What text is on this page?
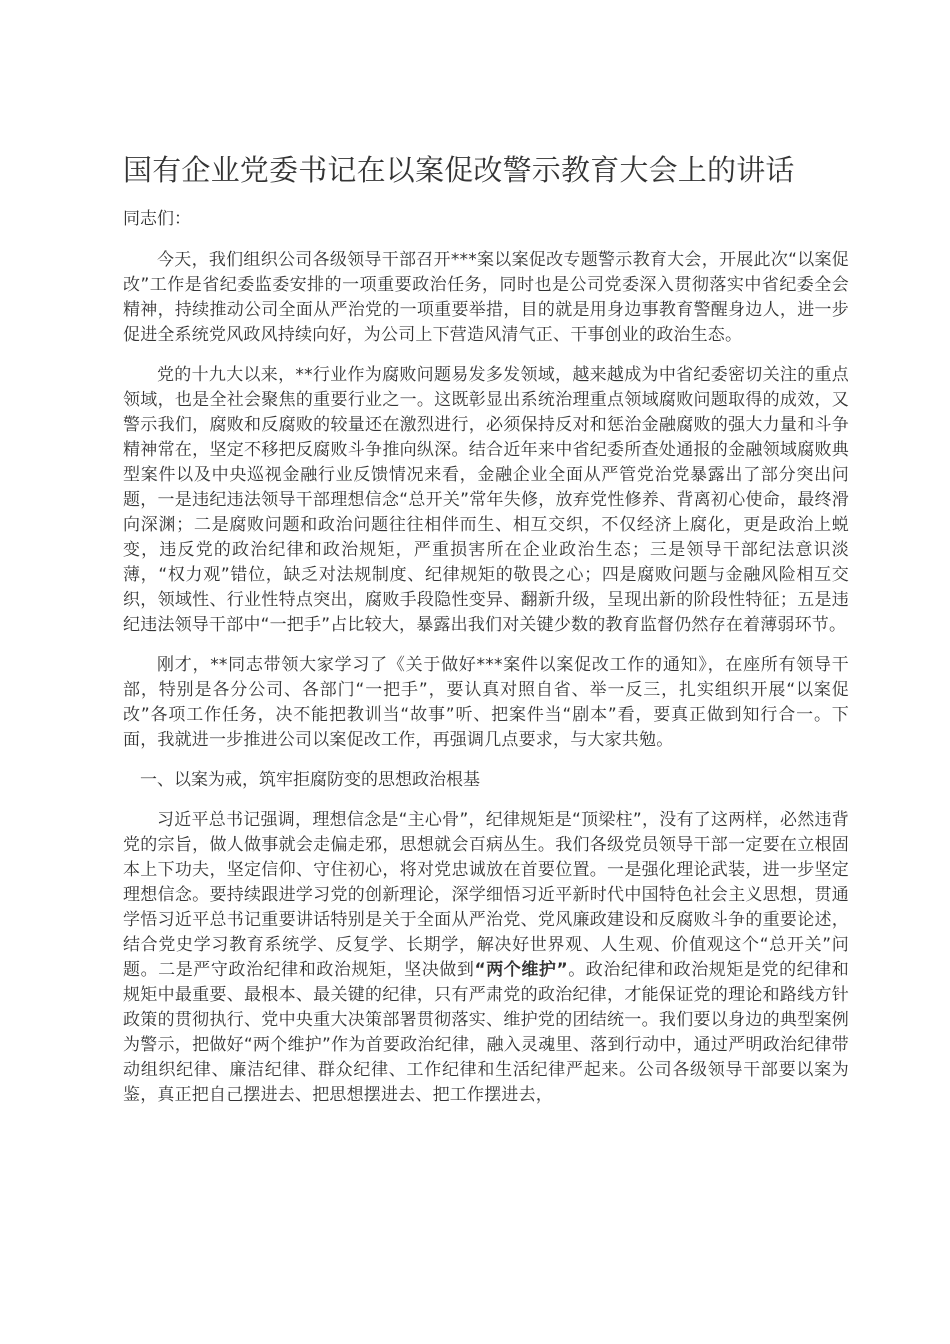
国有企业党委书记在以案促改警示教育大会上的讲话

同志们：

今天，我们组织公司各级领导干部召开***案以案促改专题警示教育大会，开展此次“以案促改”工作是省纪委监委安排的一项重要政治任务，同时也是公司党委深入贯彻落实中省纪委全会精神，持续推动公司全面从严治党的一项重要举措，目的就是用身边事教育警醒身边人，进一步促进全系统党风政风持续向好，为公司上下营造风清气正、干事创业的政治生态。

党的十九大以来，**行业作为腐败问题易发多发领域，越来越成为中省纪委密切关注的重点领域，也是全社会聚焦的重要行业之一。这既彰显出系统治理重点领域腐败问题取得的成效，又警示我们，腐败和反腐败的较量还在激烈进行，必须保持反对和惩治金融腐败的强大力量和斗争精神常在，坚定不移把反腐败斗争推向纵深。结合近年来中省纪委所查处通报的金融领域腐败典型案件以及中央巡视金融行业反馈情况来看，金融企业全面从严管党治党暴露出了部分突出问题，一是违纪违法领导干部理想信念“总开关”常年失修，放弃党性修养、背离初心使命，最终滑向深渊；二是腐败问题和政治问题往往相伴而生、相互交织，不仅经济上腐化，更是政治上蜕变，违反党的政治纪律和政治规矩，严重损害所在企业政治生态；三是领导干部纪法意识淡薄，“权力观”错位，缺乏对法规制度、纪律规矩的敬畏之心；四是腐败问题与金融风险相互交织，领域性、行业性特点突出，腐败手段隐性变异、翻新升级，呈现出新的阶段性特征；五是违纪违法领导干部中“一把手”占比较大，暴露出我们对关键少数的教育监督仍然存在着薄弱环节。

刚才，**同志带领大家学习了《关于做好***案件以案促改工作的通知》，在座所有领导干部，特别是各分公司、各部门“一把手”，要认真对照自省、举一反三，扎实组织开展“以案促改”各项工作任务，决不能把教训当“故事”听、把案件当“剧本”看，要真正做到知行合一。下面，我就进一步推进公司以案促改工作，再强调几点要求，与大家共勉。

一、以案为戒，筑牢拒腐防变的思想政治根基

习近平总书记强调，理想信念是“主心骨”，纪律规矩是“顶梁柱”，没有了这两样，必然违背党的宗旨，做人做事就会走偏走邪，思想就会百病丛生。我们各级党员领导干部一定要在立根固本上下功夫，坚定信仰、守住初心，将对党忠诚放在首要位置。一是强化理论武装，进一步坚定理想信念。要持续跟进学习党的创新理论，深学细悟习近平新时代中国特色社会主义思想，贯通学悟习近平总书记重要讲话特别是关于全面从严治党、党风廉政建设和反腐败斗争的重要论述，结合党史学习教育系统学、反复学、长期学，解决好世界观、人生观、价值观这个“总开关”问题。二是严守政治纪律和政治规矩，坚决做到“两个维护”。政治纪律和政治规矩是党的纪律和规矩中最重要、最根本、最关键的纪律，只有严肃党的政治纪律，才能保证党的理论和路线方针政策的贯彻执行、党中央重大决策部署贯彻落实、维护党的团结统一。我们要以身边的典型案例为警示，把做好“两个维护”作为首要政治纪律，融入灵魂里、落到行动中，通过严明政治纪律带动组织纪律、廉洁纪律、群众纪律、工作纪律和生活纪律严起来。公司各级领导干部要以案为鉴，真正把自己摆进去、把思想摆进去、把工作摆进去，
